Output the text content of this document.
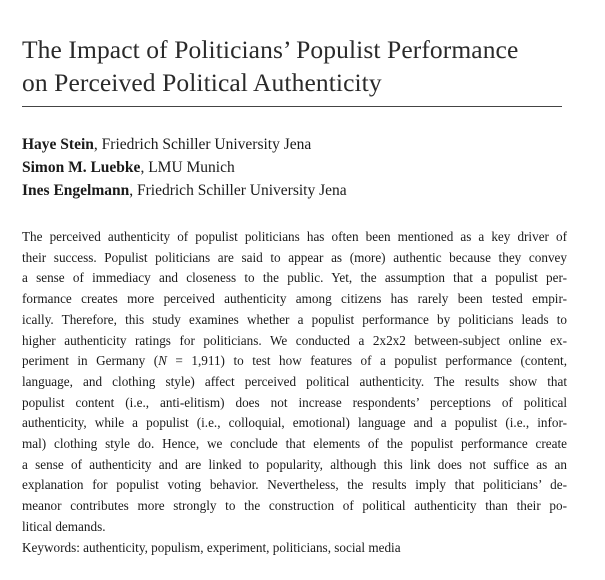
The Impact of Politicians’ Populist Performance
on Perceived Political Authenticity
Haye Stein, Friedrich Schiller University Jena
Simon M. Luebke, LMU Munich
Ines Engelmann, Friedrich Schiller University Jena
The perceived authenticity of populist politicians has often been mentioned as a key driver of
their success. Populist politicians are said to appear as (more) authentic because they convey
a sense of immediacy and closeness to the public. Yet, the assumption that a populist per-
formance creates more perceived authenticity among citizens has rarely been tested empir-
ically. Therefore, this study examines whether a populist performance by politicians leads to
higher authenticity ratings for politicians. We conducted a 2x2x2 between-subject online ex-
periment in Germany (N = 1,911) to test how features of a populist performance (content,
language, and clothing style) affect perceived political authenticity. The results show that
populist content (i.e., anti-elitism) does not increase respondents’ perceptions of political
authenticity, while a populist (i.e., colloquial, emotional) language and a populist (i.e., infor-
mal) clothing style do. Hence, we conclude that elements of the populist performance create
a sense of authenticity and are linked to popularity, although this link does not suffice as an
explanation for populist voting behavior. Nevertheless, the results imply that politicians’ de-
meanor contributes more strongly to the construction of political authenticity than their po-
litical demands.
Keywords: authenticity, populism, experiment, politicians, social media
